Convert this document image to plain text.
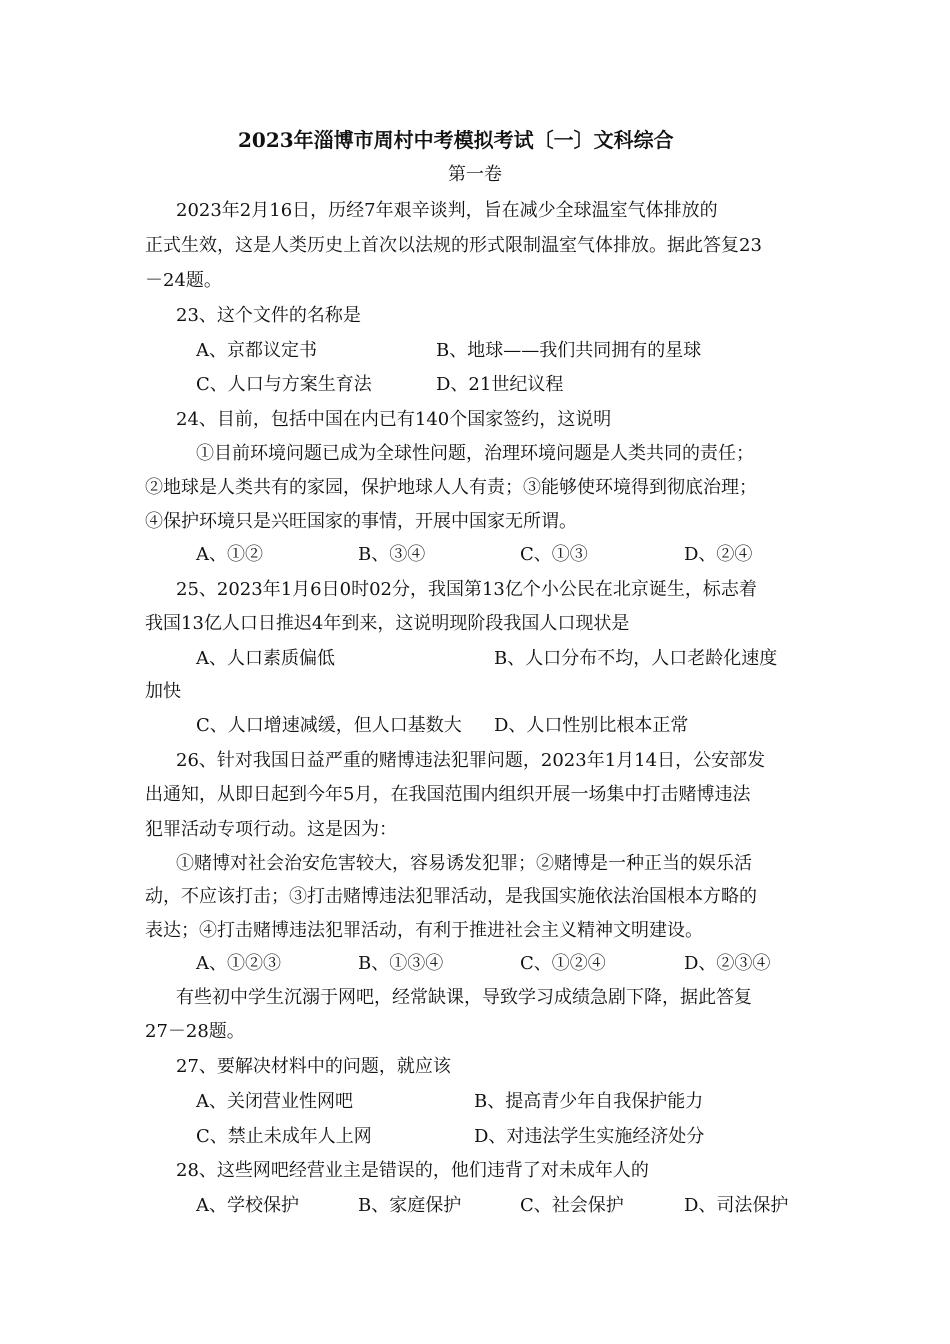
2023年淄博市周村中考模拟考试〔一〕文科综合
第一卷
2023年2月16日，历经7年艰辛谈判，旨在减少全球温室气体排放的
正式生效，这是人类历史上首次以法规的形式限制温室气体排放。据此答复23
－24题。
23、这个文件的名称是
A、京都议定书	B、地球——我们共同拥有的星球
C、人口与方案生育法	D、21世纪议程
24、目前，包括中国在内已有140个国家签约，这说明
①目前环境问题已成为全球性问题，治理环境问题是人类共同的责任；
②地球是人类共有的家园，保护地球人人有责；③能够使环境得到彻底治理；
④保护环境只是兴旺国家的事情，开展中国家无所谓。
A、①②	B、③④	C、①③	D、②④
25、2023年1月6日0时02分，我国第13亿个小公民在北京诞生，标志着
我国13亿人口日推迟4年到来，这说明现阶段我国人口现状是
A、人口素质偏低	B、人口分布不均，人口老龄化速度
加快
C、人口增速减缓，但人口基数大 D、人口性别比根本正常
26、针对我国日益严重的赌博违法犯罪问题，2023年1月14日，公安部发
出通知，从即日起到今年5月，在我国范围内组织开展一场集中打击赌博违法
犯罪活动专项行动。这是因为：
①赌博对社会治安危害较大，容易诱发犯罪；②赌博是一种正当的娱乐活
动，不应该打击；③打击赌博违法犯罪活动，是我国实施依法治国根本方略的
表达；④打击赌博违法犯罪活动，有利于推进社会主义精神文明建设。
A、①②③	B、①③④	C、①②④	D、②③④
有些初中学生沉溺于网吧，经常缺课，导致学习成绩急剧下降，据此答复
27－28题。
27、要解决材料中的问题，就应该
A、关闭营业性网吧	B、提高青少年自我保护能力
C、禁止未成年人上网	D、对违法学生实施经济处分
28、这些网吧经营业主是错误的，他们违背了对未成年人的
A、学校保护	B、家庭保护	C、社会保护	D、司法保护
